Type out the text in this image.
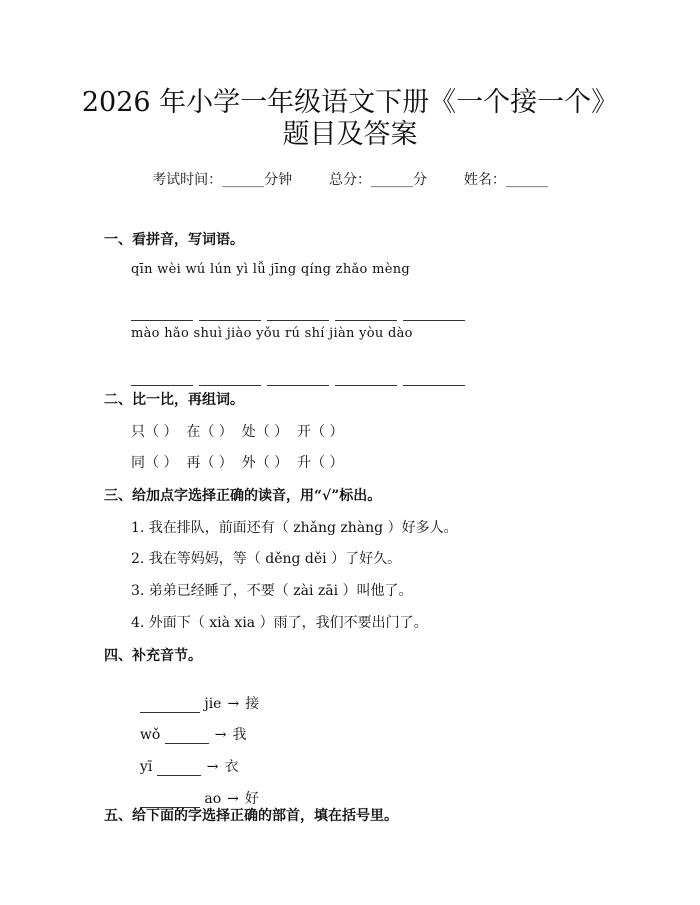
2026 年小学一年级语文下册《一个接一个》
题目及答案
考试时间：______分钟	总分：______分	姓名：______
一、看拼音，写词语。
qīn wèi wú lún yì lǚ jīng qíng zhǎo mèng
mào hǎo shuì jiào yǒu rú shí jiàn yòu dào
二、比一比，再组词。
只（ ）  在（ ）  处（ ）  开（ ）
同（ ）  再（ ）  外（ ）  升（ ）
三、给加点字选择正确的读音，用“√”标出。
1. 我在排队，前面还有（ zhǎng zhàng ）好多人。
2. 我在等妈妈，等（ děng děi ）了好久。
3. 弟弟已经睡了，不要（ zài zāi ）叫他了。
4. 外面下（ xià xia ）雨了，我们不要出门了。
四、补充音节。

jie → 接

wǒ	→ 我

yī	→ 衣

ao → 好

五、给下面的字选择正确的部首，填在括号里。
